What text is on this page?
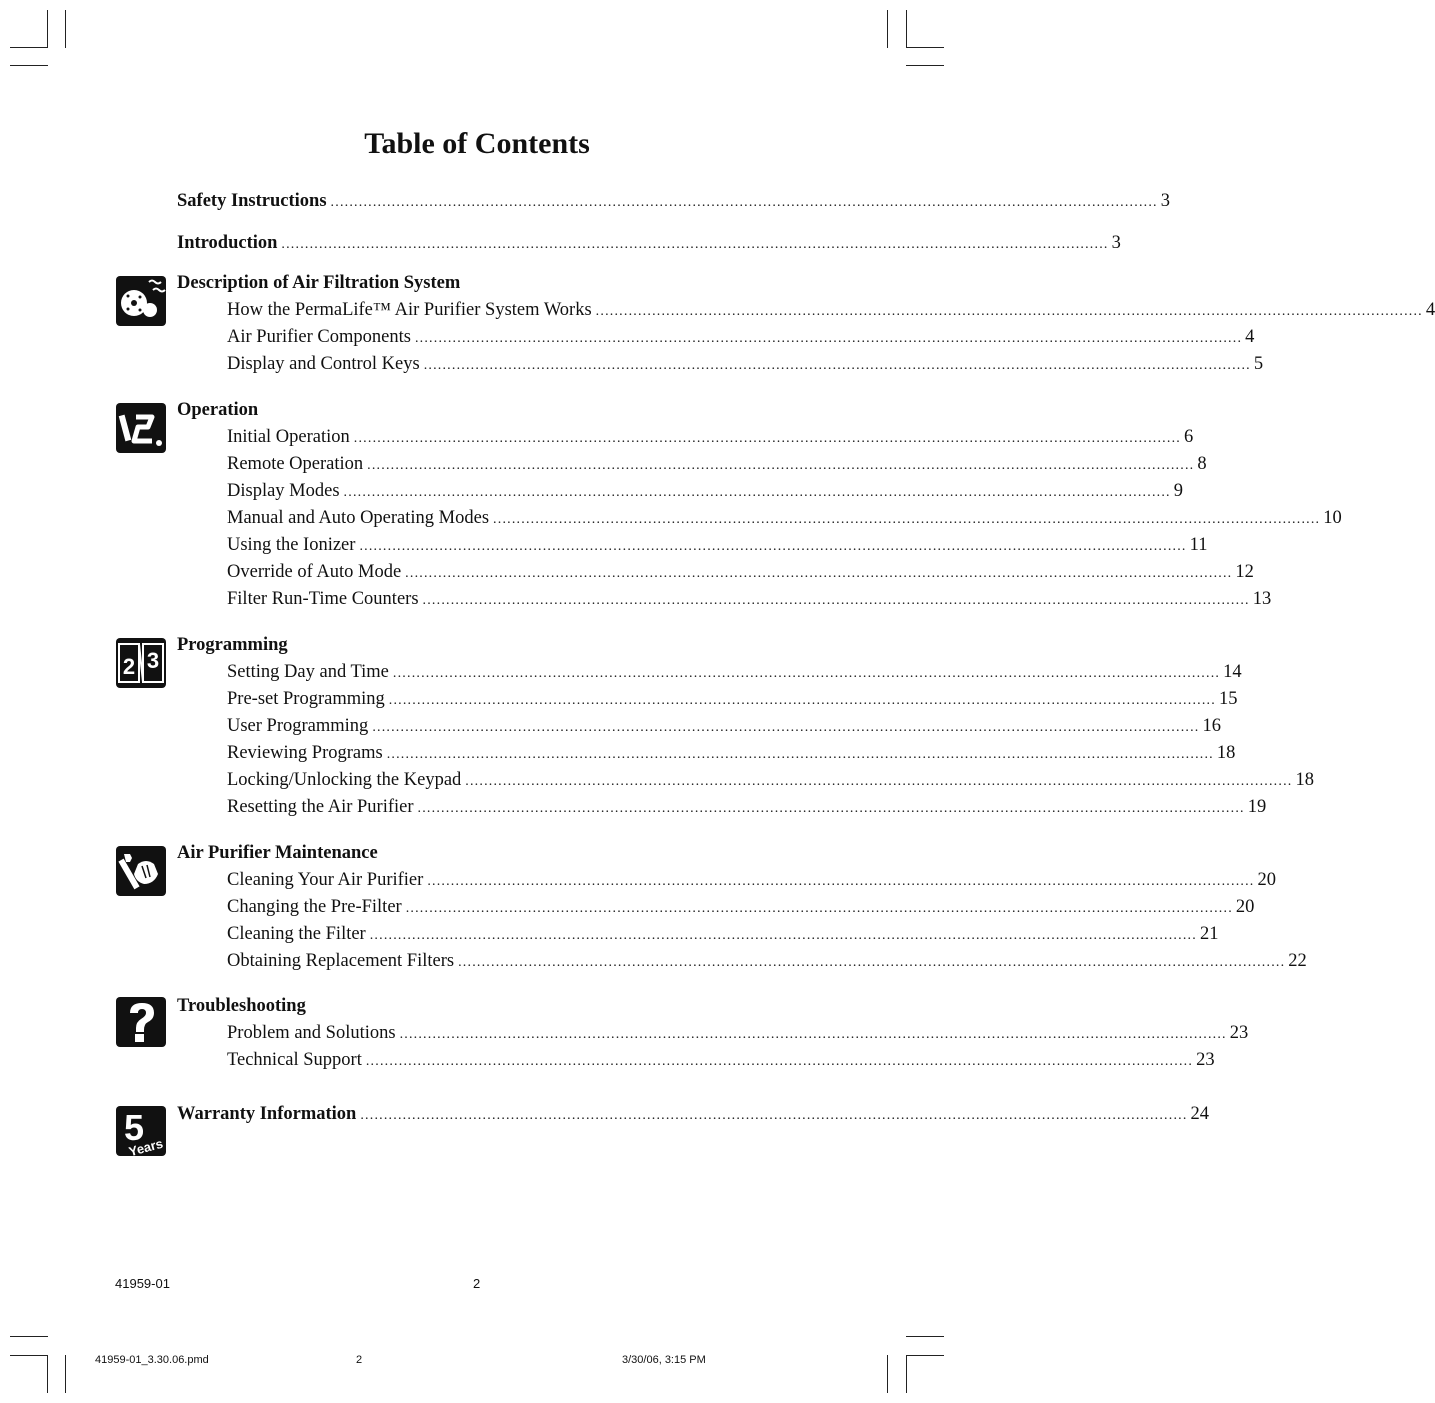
Table of Contents
Safety Instructions ................................................................................................................................................................................ 3
Introduction ................................................................................................................................................................................ 3
Description of Air Filtration System
How the PermaLife™ Air Purifier System Works ................................................................................................................................................................................ 4
Air Purifier Components ................................................................................................................................................................................ 4
Display and Control Keys ................................................................................................................................................................................ 5
Operation
Initial Operation ................................................................................................................................................................................ 6
Remote Operation ................................................................................................................................................................................ 8
Display Modes ................................................................................................................................................................................ 9
Manual and Auto Operating Modes ................................................................................................................................................................................ 10
Using the Ionizer ................................................................................................................................................................................ 11
Override of Auto Mode ................................................................................................................................................................................ 12
Filter Run-Time Counters ................................................................................................................................................................................ 13
2 3
Programming
Setting Day and Time ................................................................................................................................................................................ 14
Pre-set Programming ................................................................................................................................................................................ 15
User Programming ................................................................................................................................................................................ 16
Reviewing Programs ................................................................................................................................................................................ 18
Locking/Unlocking the Keypad ................................................................................................................................................................................ 18
Resetting the Air Purifier ................................................................................................................................................................................ 19
Air Purifier Maintenance
Cleaning Your Air Purifier ................................................................................................................................................................................ 20
Changing the Pre-Filter ................................................................................................................................................................................ 20
Cleaning the Filter ................................................................................................................................................................................ 21
Obtaining Replacement Filters ................................................................................................................................................................................ 22
Troubleshooting
Problem and Solutions ................................................................................................................................................................................ 23
Technical Support ................................................................................................................................................................................ 23
5
Years
Warranty Information ................................................................................................................................................................................ 24
41959-01	2
41959-01_3.30.06.pmd	2	3/30/06, 3:15 PM
